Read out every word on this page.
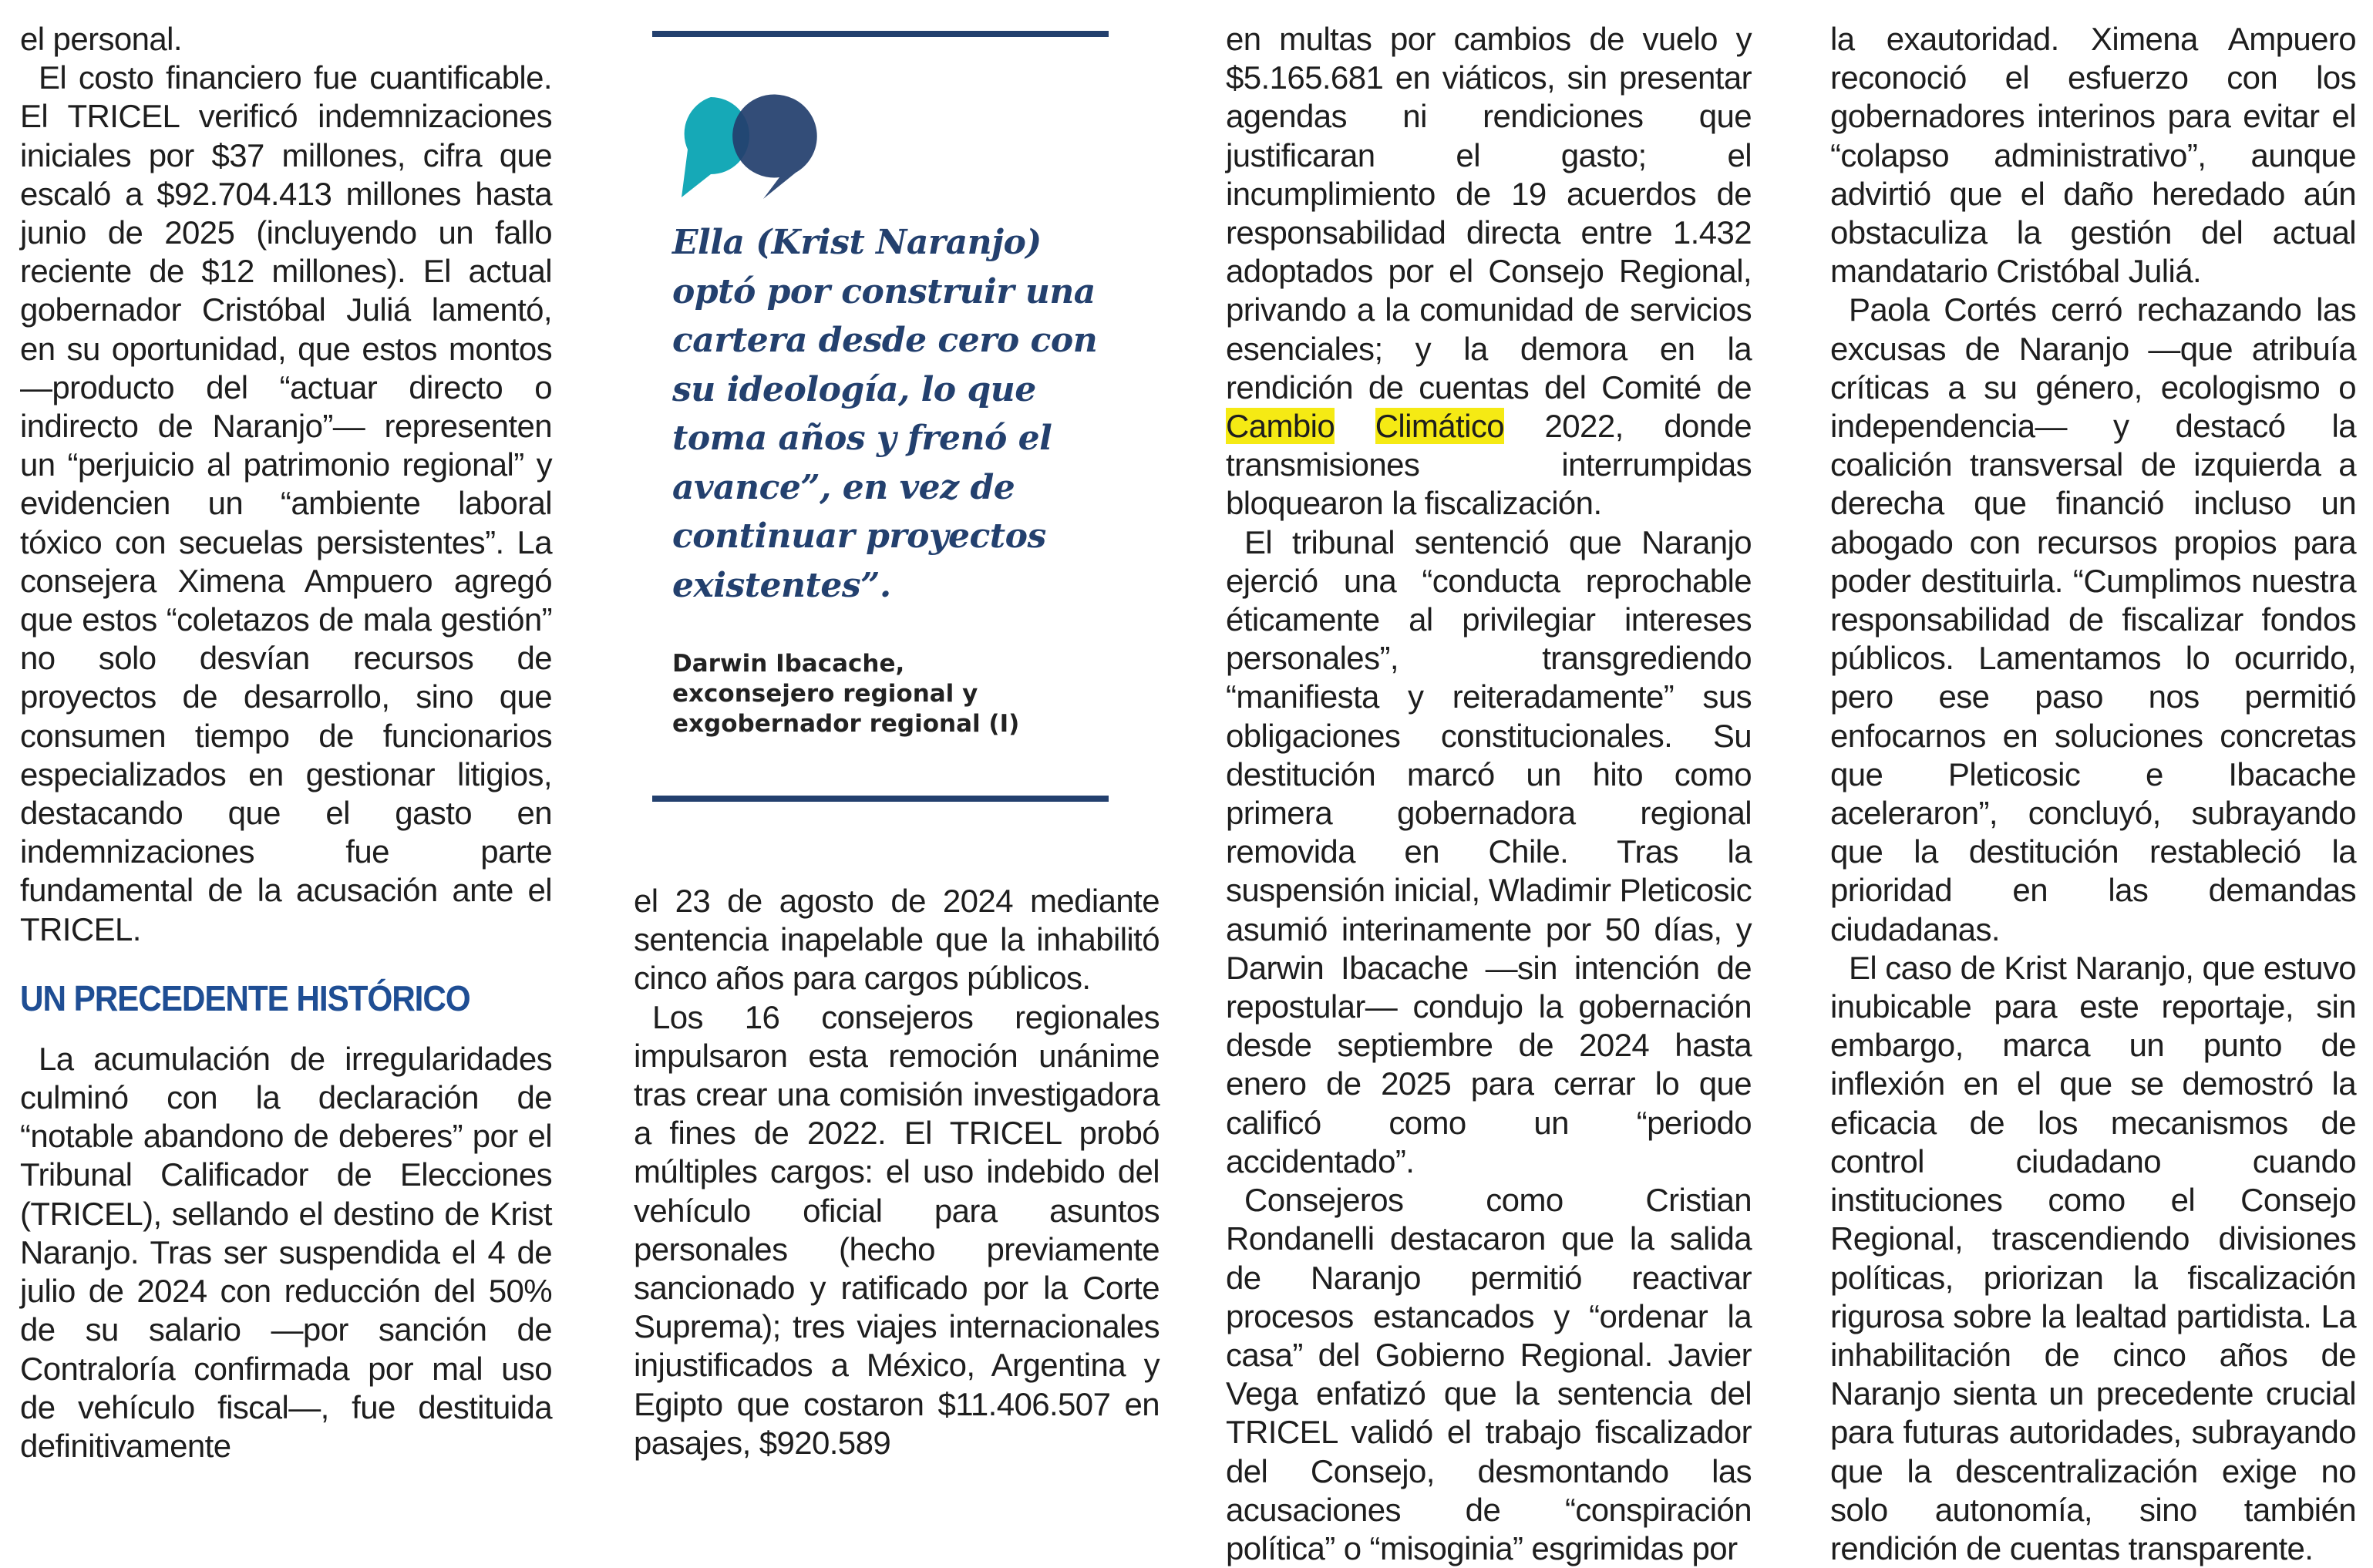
el personal.

El costo financiero fue cuantificable. El TRICEL verificó indemnizaciones iniciales por $37 millones, cifra que escaló a $92.704.413 millones hasta junio de 2025 (incluyendo un fallo reciente de $12 millones). El actual gobernador Cristóbal Juliá lamentó, en su oportunidad, que estos montos —producto del “actuar directo o indirecto de Naranjo”— representen un “perjuicio al patrimonio regional” y evidencien un “ambiente laboral tóxico con secuelas persistentes”. La consejera Ximena Ampuero agregó que estos “coletazos de mala gestión” no solo desvían recursos de proyectos de desarrollo, sino que consumen tiempo de funcionarios especializados en gestionar litigios, destacando que el gasto en indemnizaciones fue parte fundamental de la acusación ante el TRICEL.

UN PRECEDENTE HISTÓRICO

La acumulación de irregularidades culminó con la declaración de “notable abandono de deberes” por el Tribunal Calificador de Elecciones (TRICEL), sellando el destino de Krist Naranjo. Tras ser suspendida el 4 de julio de 2024 con reducción del 50% de su salario —por sanción de Contraloría confirmada por mal uso de vehículo fiscal—, fue destituida definitivamente

Ella (Krist Naranjo) optó por construir una cartera desde cero con su ideología, lo que toma años y frenó el avance”, en vez de continuar proyectos existentes”.

Darwin Ibacache,
exconsejero regional y
exgobernador regional (I)

el 23 de agosto de 2024 mediante sentencia inapelable que la inhabilitó cinco años para cargos públicos.

Los 16 consejeros regionales impulsaron esta remoción unánime tras crear una comisión investigadora a fines de 2022. El TRICEL probó múltiples cargos: el uso indebido del vehículo oficial para asuntos personales (hecho previamente sancionado y ratificado por la Corte Suprema); tres viajes internacionales injustificados a México, Argentina y Egipto que costaron $11.406.507 en pasajes, $920.589

en multas por cambios de vuelo y $5.165.681 en viáticos, sin presentar agendas ni rendiciones que justificaran el gasto; el incumplimiento de 19 acuerdos de responsabilidad directa entre 1.432 adoptados por el Consejo Regional, privando a la comunidad de servicios esenciales; y la demora en la rendición de cuentas del Comité de Cambio Climático 2022, donde transmisiones interrumpidas bloquearon la fiscalización.

El tribunal sentenció que Naranjo ejerció una “conducta reprochable éticamente al privilegiar intereses personales”, transgrediendo “manifiesta y reiteradamente” sus obligaciones constitucionales. Su destitución marcó un hito como primera gobernadora regional removida en Chile. Tras la suspensión inicial, Wladimir Pleticosic asumió interinamente por 50 días, y Darwin Ibacache —sin intención de repostular— condujo la gobernación desde septiembre de 2024 hasta enero de 2025 para cerrar lo que calificó como un “periodo accidentado”.

Consejeros como Cristian Rondanelli destacaron que la salida de Naranjo permitió reactivar procesos estancados y “ordenar la casa” del Gobierno Regional. Javier Vega enfatizó que la sentencia del TRICEL validó el trabajo fiscalizador del Consejo, desmontando las acusaciones de “conspiración política” o “misoginia” esgrimidas por

la exautoridad. Ximena Ampuero reconoció el esfuerzo con los gobernadores interinos para evitar el “colapso administrativo”, aunque advirtió que el daño heredado aún obstaculiza la gestión del actual mandatario Cristóbal Juliá.

Paola Cortés cerró rechazando las excusas de Naranjo —que atribuía críticas a su género, ecologismo o independencia— y destacó la coalición transversal de izquierda a derecha que financió incluso un abogado con recursos propios para poder destituirla. “Cumplimos nuestra responsabilidad de fiscalizar fondos públicos. Lamentamos lo ocurrido, pero ese paso nos permitió enfocarnos en soluciones concretas que Pleticosic e Ibacache aceleraron”, concluyó, subrayando que la destitución restableció la prioridad en las demandas ciudadanas.

El caso de Krist Naranjo, que estuvo inubicable para este reportaje, sin embargo, marca un punto de inflexión en el que se demostró la eficacia de los mecanismos de control ciudadano cuando instituciones como el Consejo Regional, trascendiendo divisiones políticas, priorizan la fiscalización rigurosa sobre la lealtad partidista. La inhabilitación de cinco años de Naranjo sienta un precedente crucial para futuras autoridades, subrayando que la descentralización exige no solo autonomía, sino también rendición de cuentas transparente.
